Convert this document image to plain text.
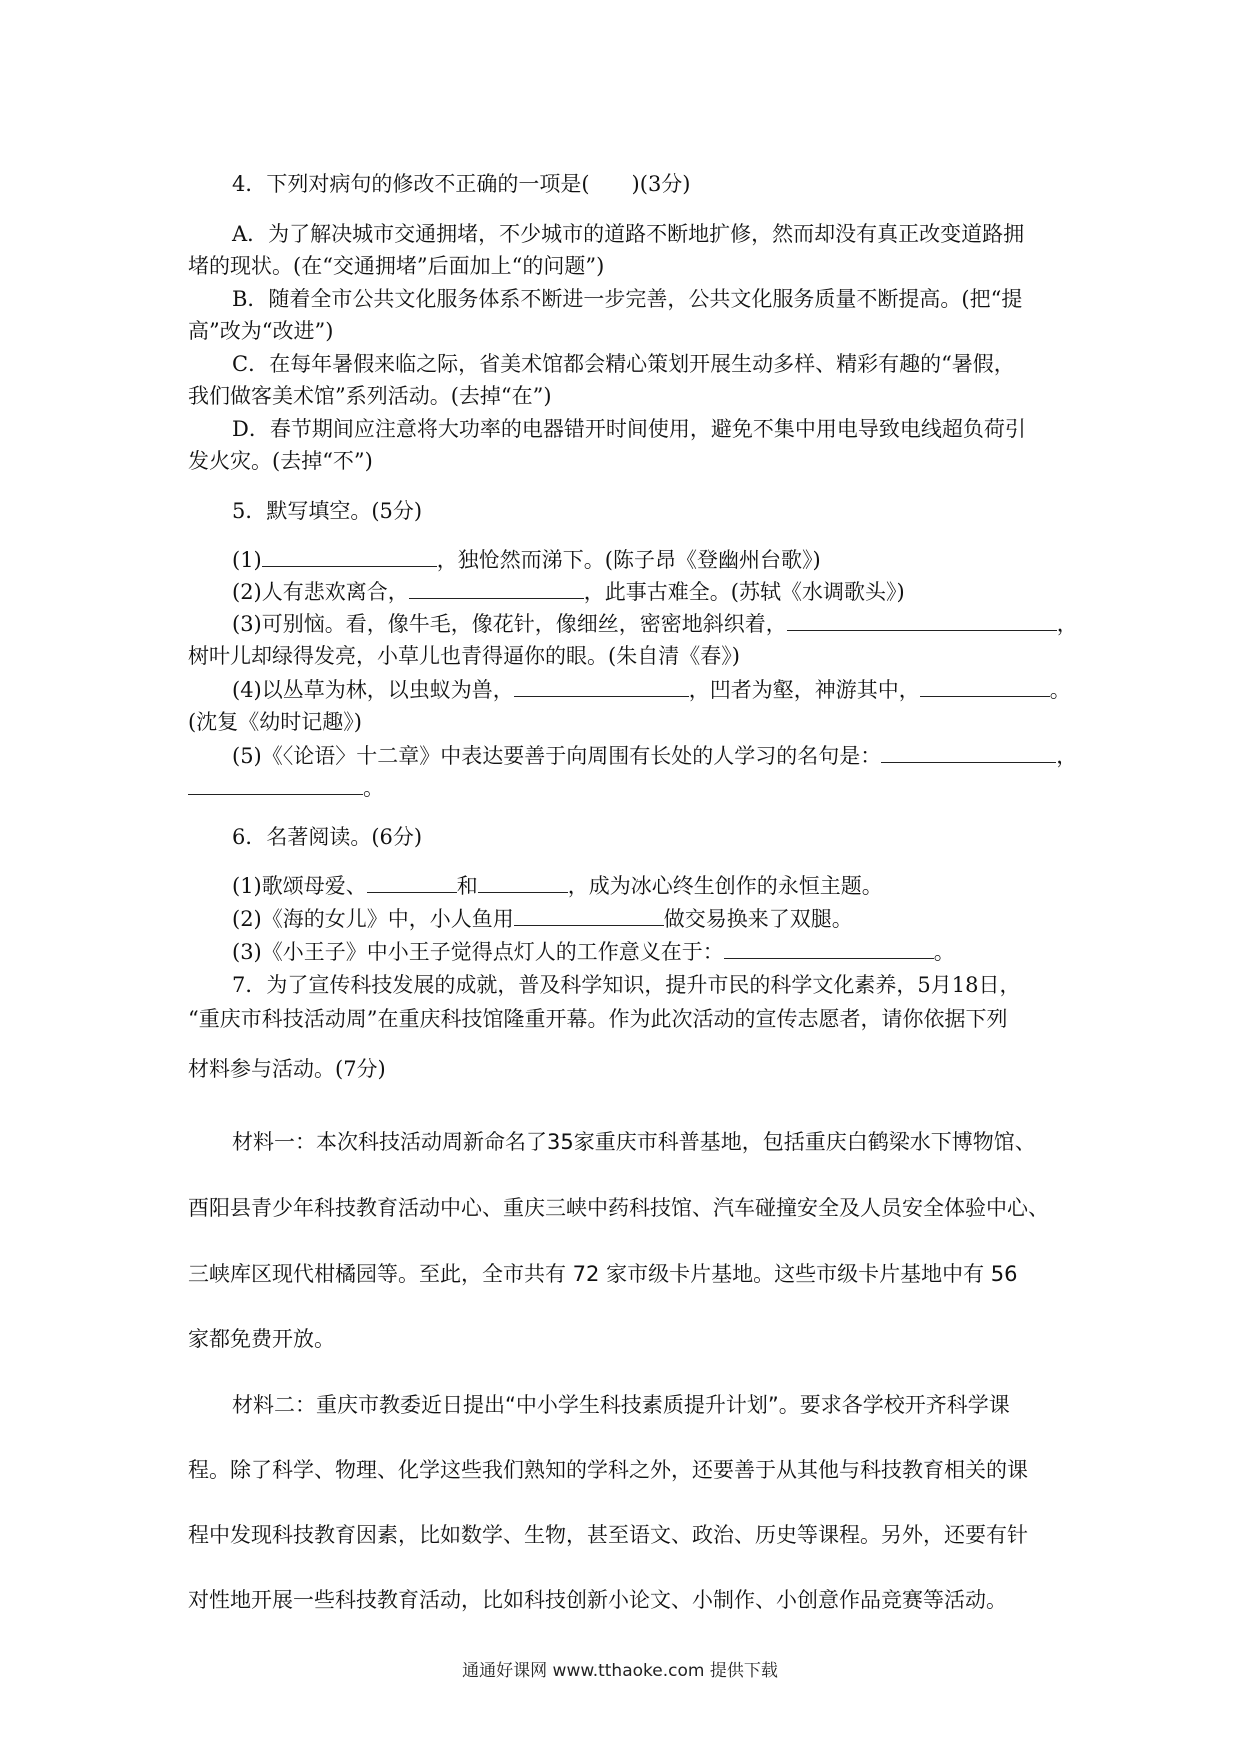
4．下列对病句的修改不正确的一项是(　　)(3分)
A．为了解决城市交通拥堵，不少城市的道路不断地扩修，然而却没有真正改变道路拥
堵的现状。(在“交通拥堵”后面加上“的问题”)
B．随着全市公共文化服务体系不断进一步完善，公共文化服务质量不断提高。(把“提
高”改为“改进”)
C．在每年暑假来临之际，省美术馆都会精心策划开展生动多样、精彩有趣的“暑假，
我们做客美术馆”系列活动。(去掉“在”)
D．春节期间应注意将大功率的电器错开时间使用，避免不集中用电导致电线超负荷引
发火灾。(去掉“不”)
5．默写填空。(5分)
(1)	，独怆然而涕下。(陈子昂《登幽州台歌》)
(2)人有悲欢离合，	，此事古难全。(苏轼《水调歌头》)
(3)可别恼。看，像牛毛，像花针，像细丝，密密地斜织着，	，
树叶儿却绿得发亮，小草儿也青得逼你的眼。(朱自清《春》)
(4)以丛草为林，以虫蚁为兽，	，凹者为壑，神游其中，	。
(沈复《幼时记趣》)
(5)《〈论语〉十二章》中表达要善于向周围有长处的人学习的名句是：	，
。
6．名著阅读。(6分)
(1)歌颂母爱、	和	，成为冰心终生创作的永恒主题。
(2)《海的女儿》中，小人鱼用	做交易换来了双腿。
(3)《小王子》中小王子觉得点灯人的工作意义在于：	。
7．为了宣传科技发展的成就，普及科学知识，提升市民的科学文化素养，5月18日，
“重庆市科技活动周”在重庆科技馆隆重开幕。作为此次活动的宣传志愿者，请你依据下列
材料参与活动。(7分)
材料一：本次科技活动周新命名了35家重庆市科普基地，包括重庆白鹤梁水下博物馆、
酉阳县青少年科技教育活动中心、重庆三峡中药科技馆、汽车碰撞安全及人员安全体验中心、
三峡库区现代柑橘园等。至此，全市共有 72 家市级卡片基地。这些市级卡片基地中有 56
家都免费开放。
材料二：重庆市教委近日提出“中小学生科技素质提升计划”。要求各学校开齐科学课
程。除了科学、物理、化学这些我们熟知的学科之外，还要善于从其他与科技教育相关的课
程中发现科技教育因素，比如数学、生物，甚至语文、政治、历史等课程。另外，还要有针
对性地开展一些科技教育活动，比如科技创新小论文、小制作、小创意作品竞赛等活动。
通通好课网 www.tthaoke.com 提供下载
